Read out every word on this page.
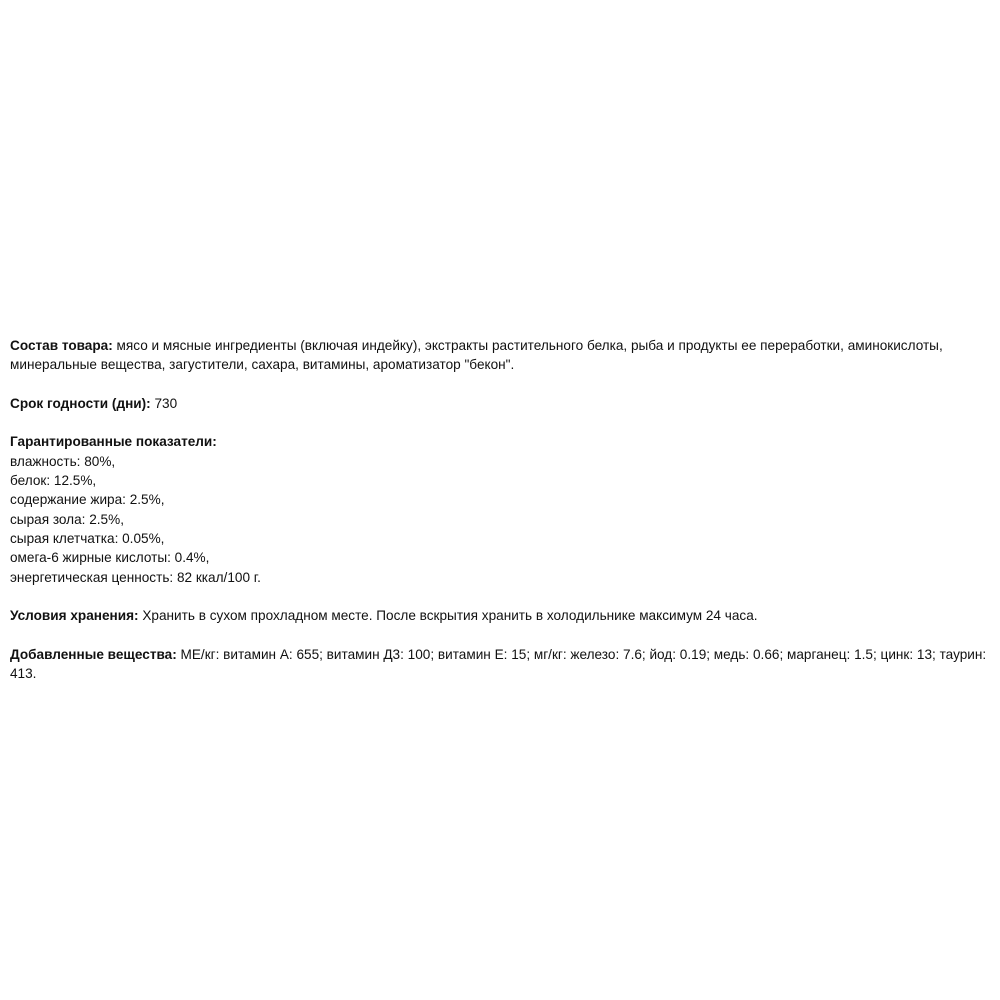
Состав товара: мясо и мясные ингредиенты (включая индейку), экстракты растительного белка, рыба и продукты ее переработки, аминокислоты, минеральные вещества, загустители, сахара, витамины, ароматизатор "бекон".
Срок годности (дни): 730
Гарантированные показатели:
влажность: 80%,
белок: 12.5%,
содержание жира: 2.5%,
сырая зола: 2.5%,
сырая клетчатка: 0.05%,
омега-6 жирные кислоты: 0.4%,
энергетическая ценность: 82 ккал/100 г.
Условия хранения: Хранить в сухом прохладном месте. После вскрытия хранить в холодильнике максимум 24 часа.
Добавленные вещества: МЕ/кг: витамин А: 655; витамин Д3: 100; витамин Е: 15; мг/кг: железо: 7.6; йод: 0.19; медь: 0.66; марганец: 1.5; цинк: 13; таурин: 413.
